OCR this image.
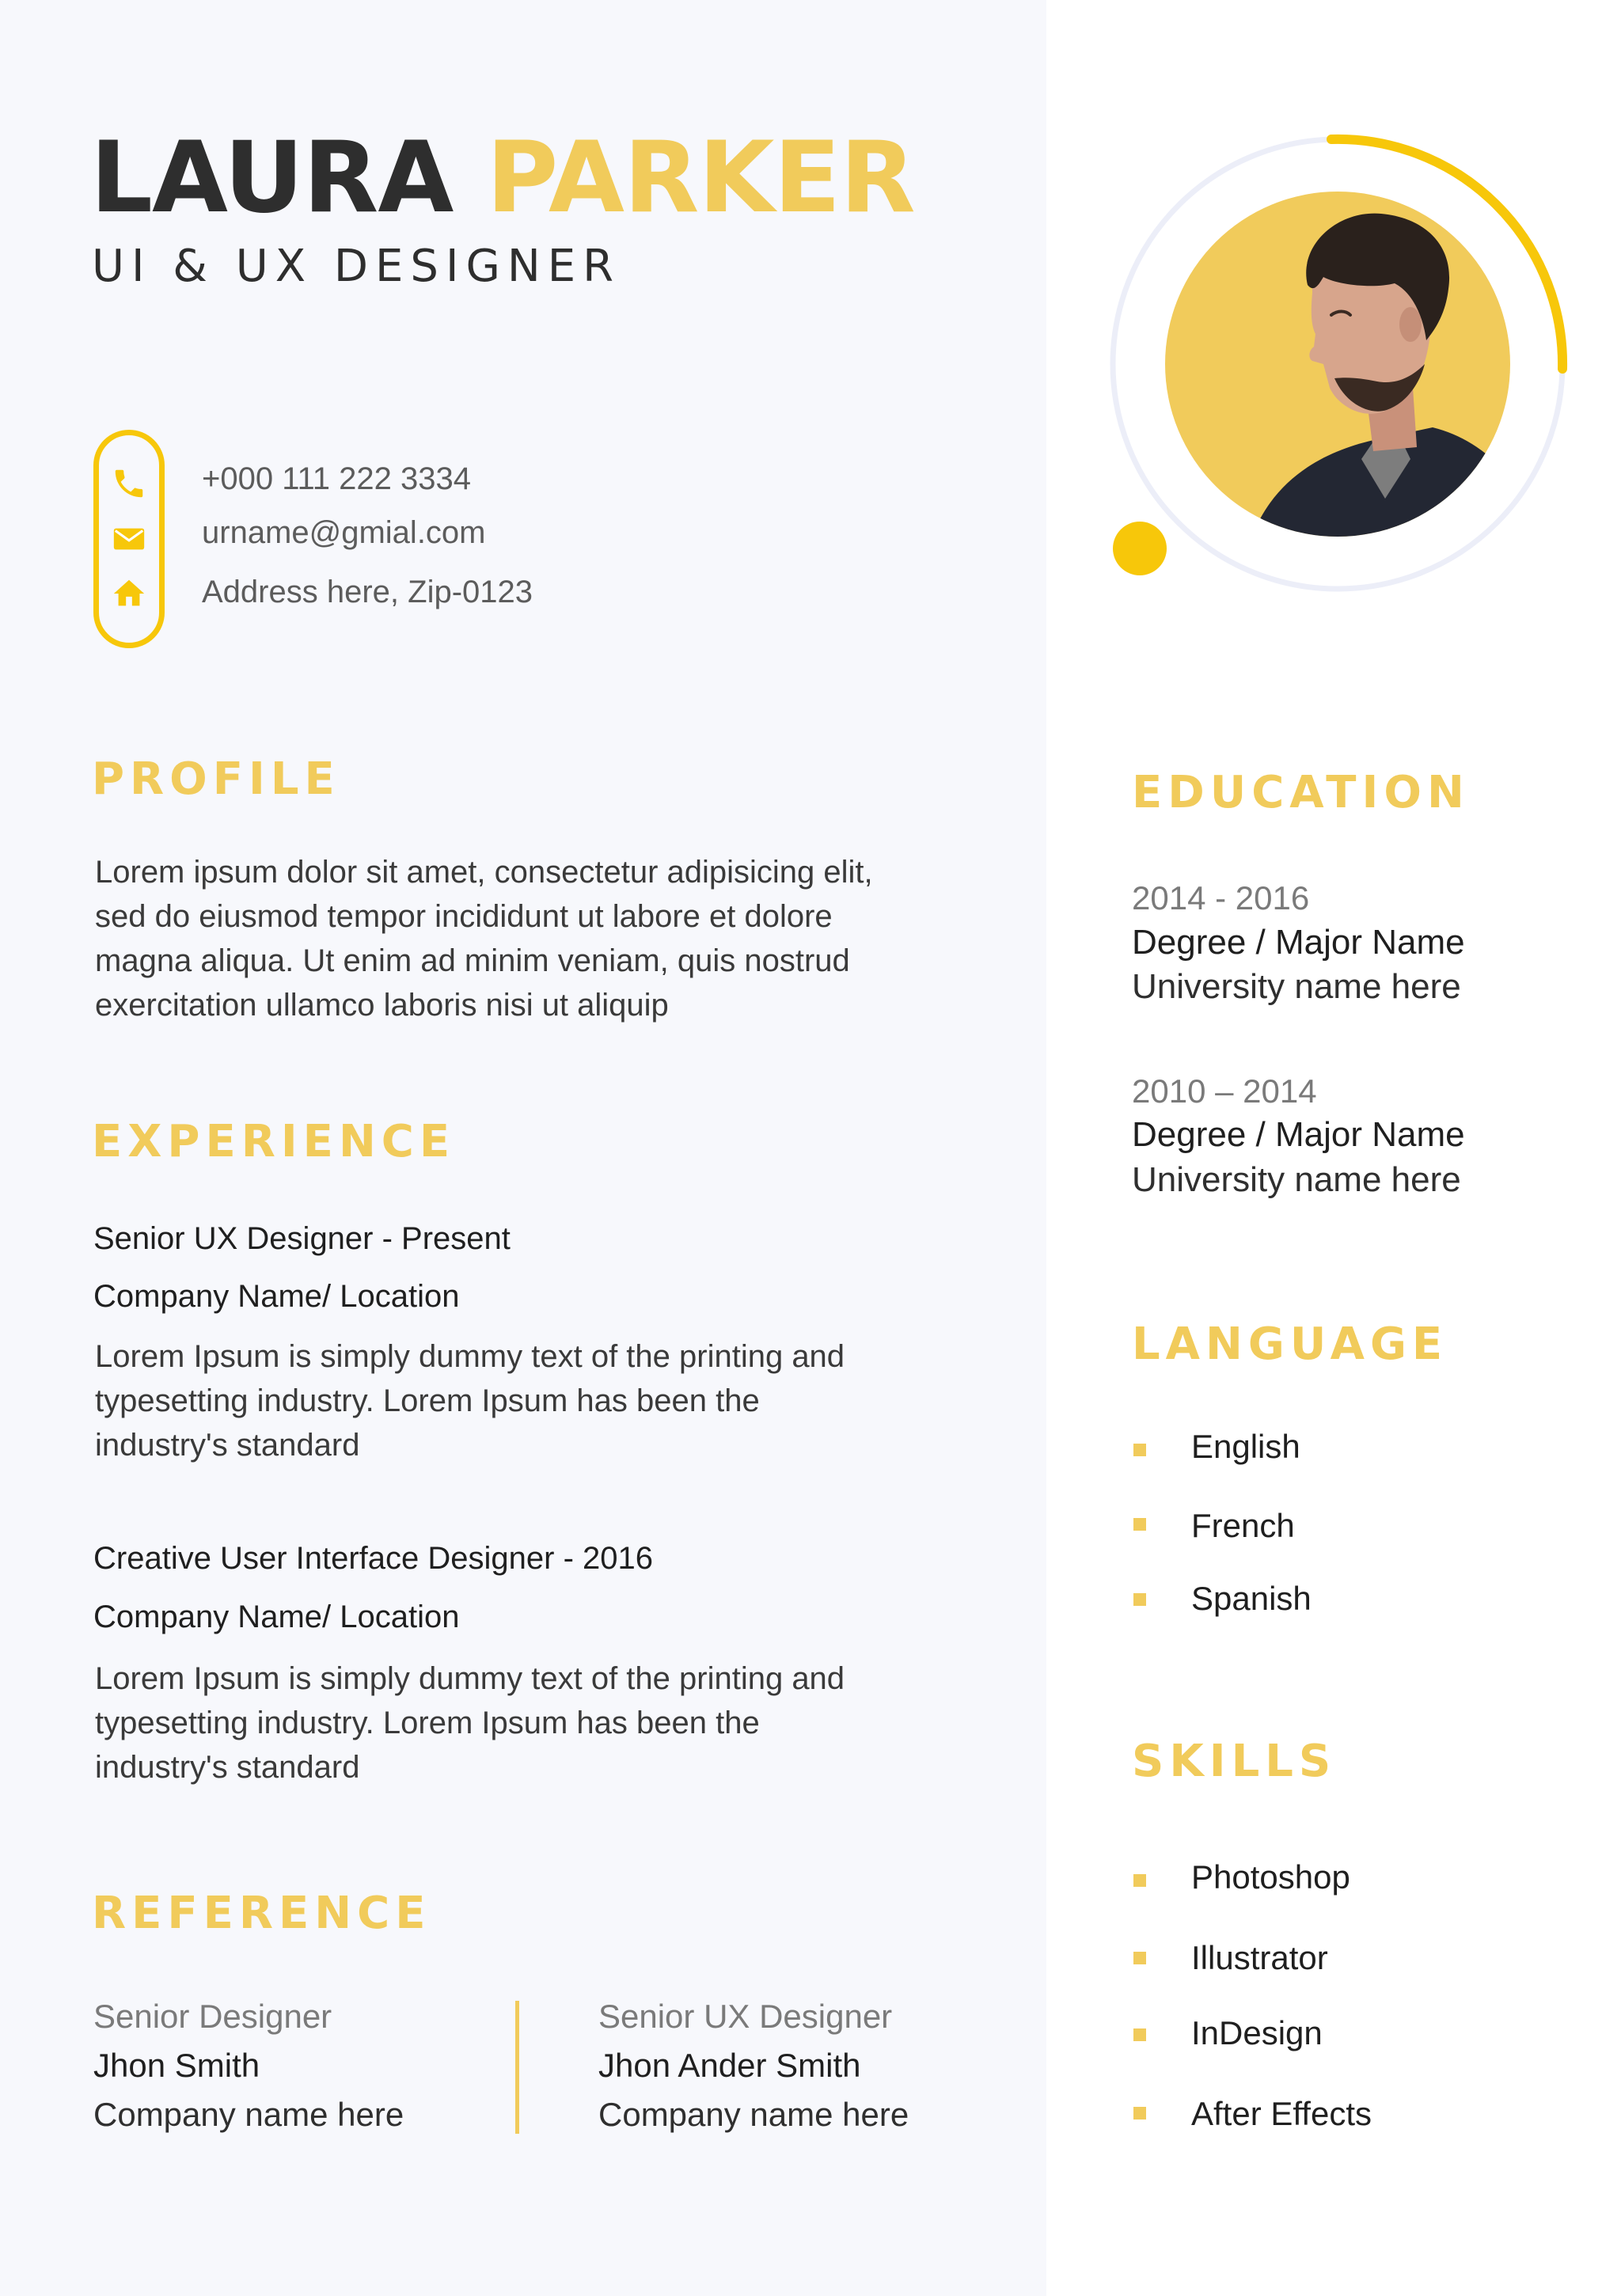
LAURA PARKER
UI & UX DESIGNER
+000 111 222 3334
urname@gmial.com
Address here, Zip-0123
PROFILE
Lorem ipsum dolor sit amet, consectetur adipisicing elit,
sed do eiusmod tempor incididunt ut labore et dolore
magna aliqua. Ut enim ad minim veniam, quis nostrud
exercitation ullamco laboris nisi ut aliquip
EXPERIENCE
Senior UX Designer - Present
Company Name/ Location
Lorem Ipsum is simply dummy text of the printing and
typesetting industry. Lorem Ipsum has been the
industry's standard
Creative User Interface Designer - 2016
Company Name/ Location
Lorem Ipsum is simply dummy text of the printing and
typesetting industry. Lorem Ipsum has been the
industry's standard
REFERENCE
Senior Designer
Jhon Smith
Company name here
Senior UX Designer
Jhon Ander Smith
Company name here
EDUCATION
2014 - 2016
Degree / Major Name
University name here
2010 – 2014
Degree / Major Name
University name here
LANGUAGE
English
French
Spanish
SKILLS
Photoshop
Illustrator
InDesign
After Effects
